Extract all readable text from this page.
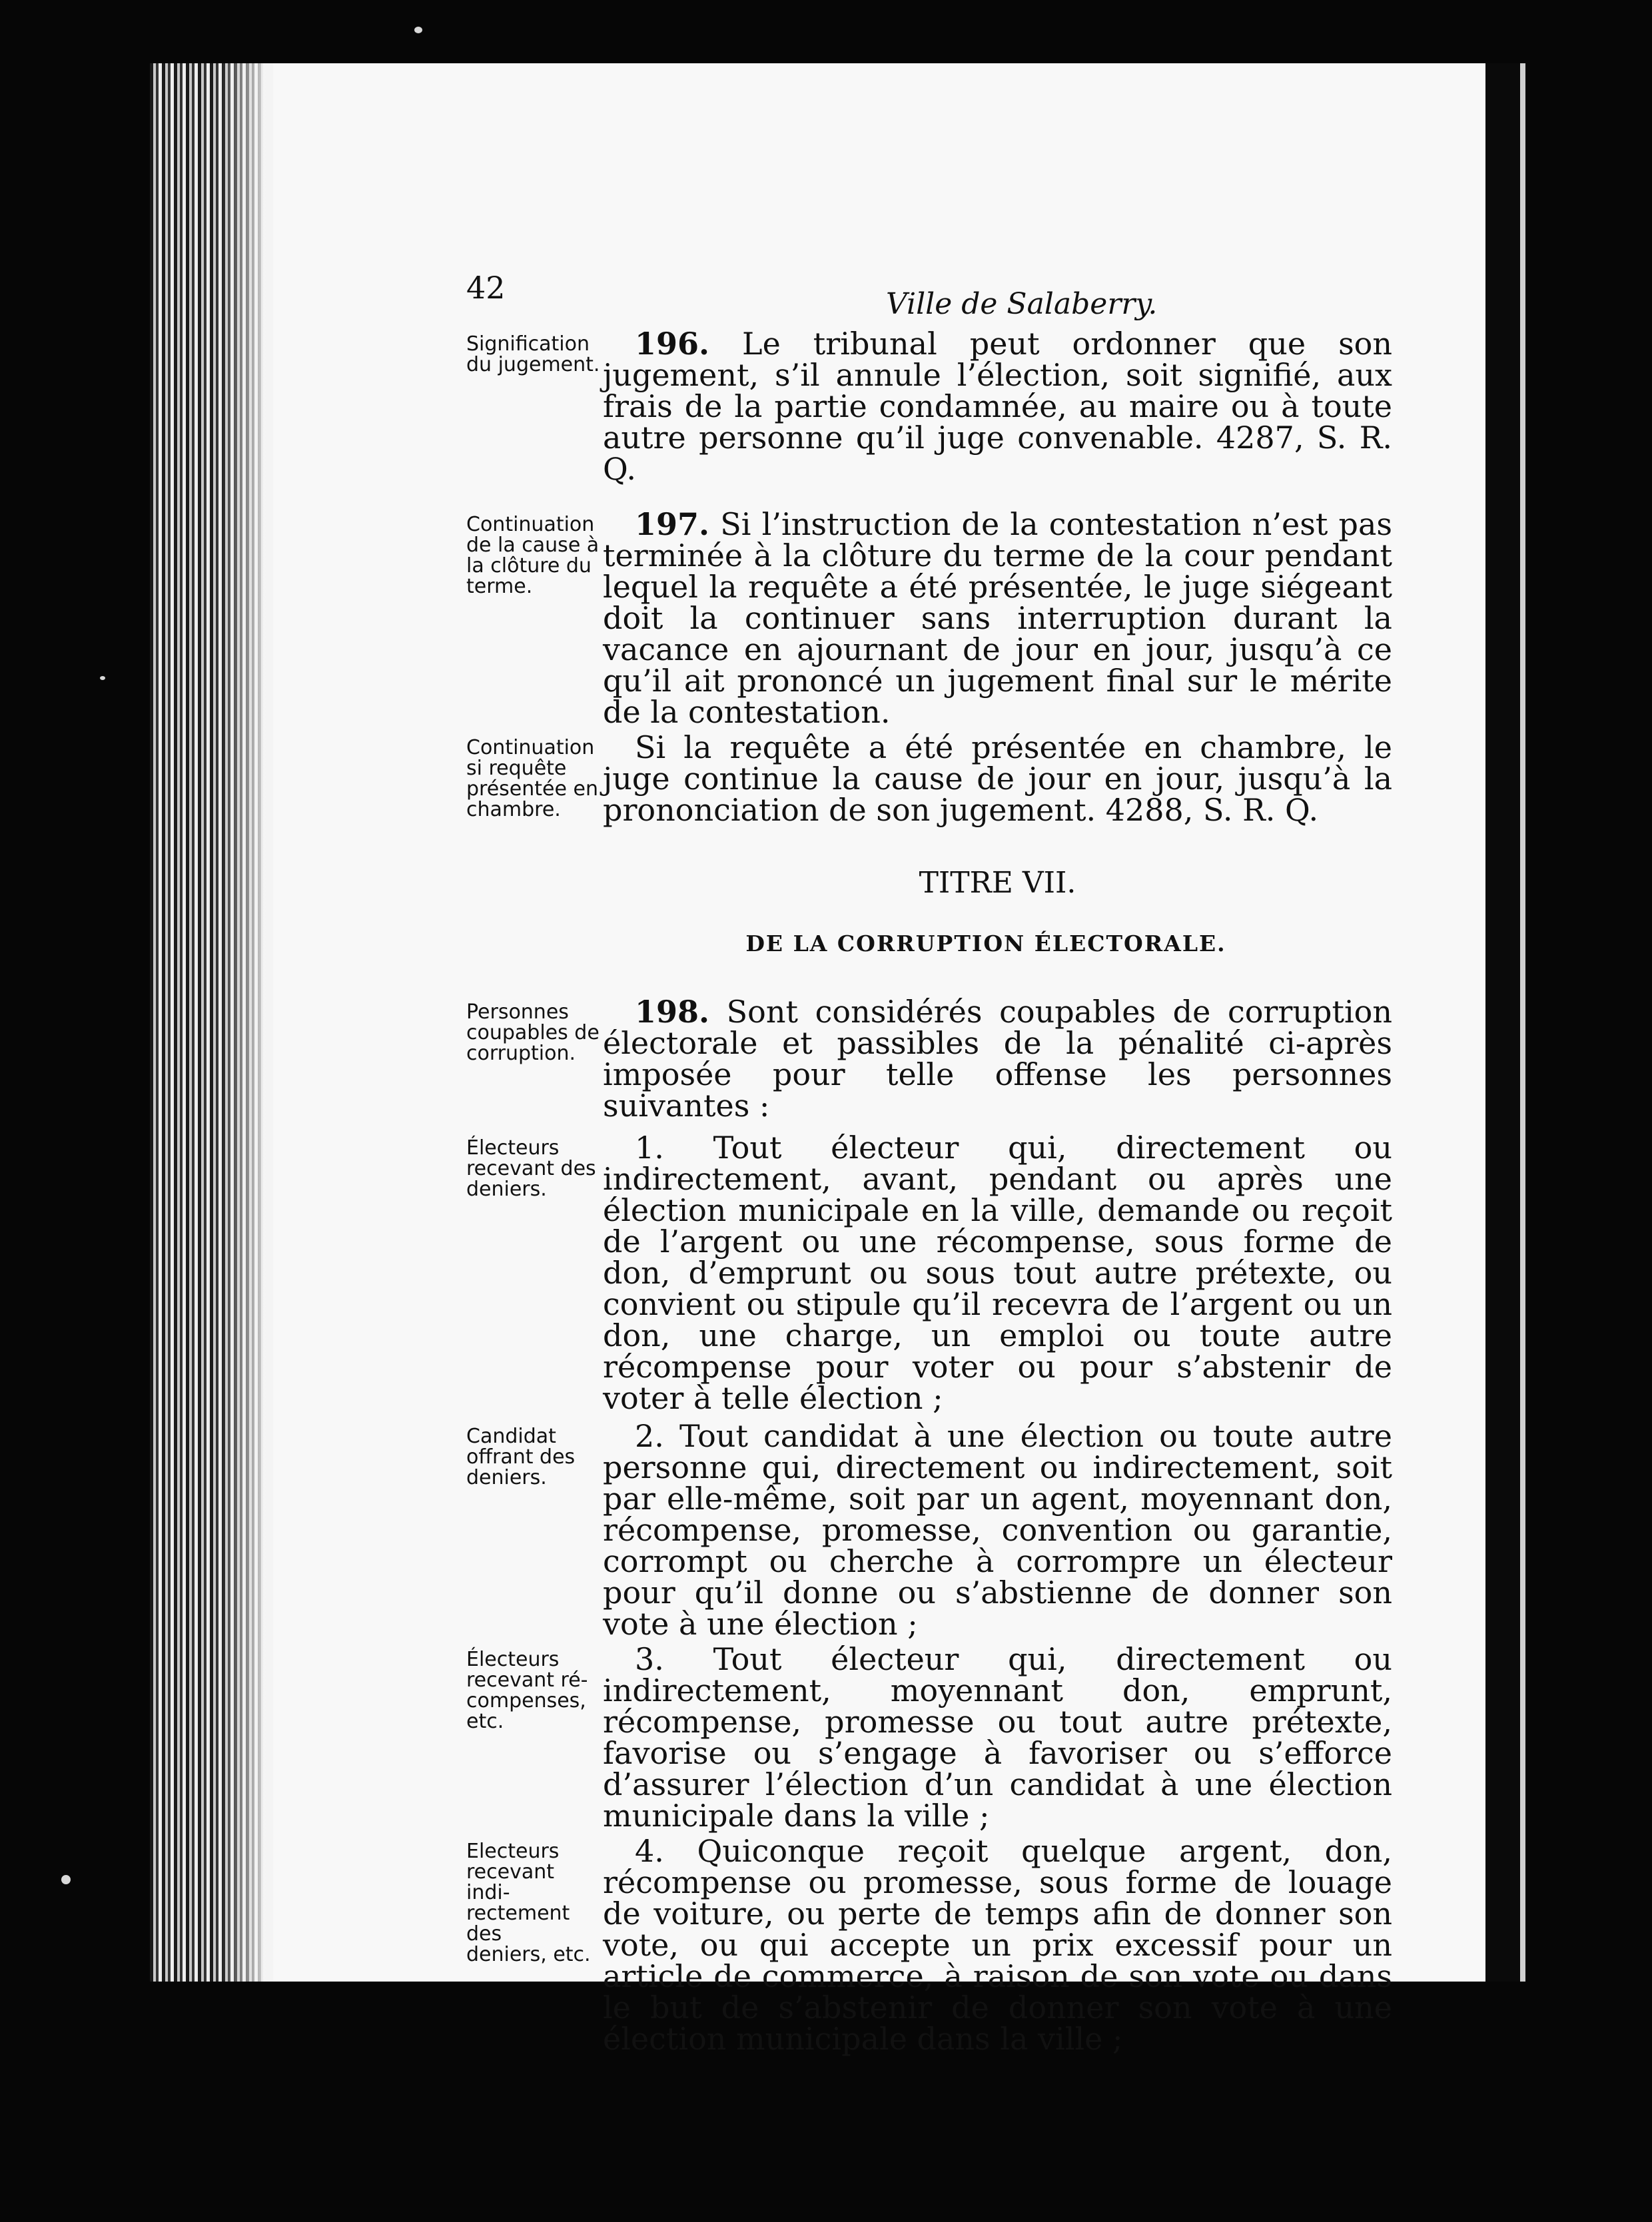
42	Ville de Salaberry.
Signification
du jugement.
196. Le tribunal peut ordonner que son jugement, s’il annule l’élection, soit signifié, aux frais de la partie condamnée, au maire ou à toute autre personne qu’il juge convenable. 4287, S. R. Q.
Continuation
de la cause à
la clôture du
terme.
197. Si l’instruction de la contestation n’est pas terminée à la clôture du terme de la cour pendant lequel la requête a été présentée, le juge siégeant doit la continuer sans interruption durant la vacance en ajournant de jour en jour, jusqu’à ce qu’il ait prononcé un jugement final sur le mérite de la contestation.
Continuation
si requête
présentée en
chambre.
Si la requête a été présentée en chambre, le juge continue la cause de jour en jour, jusqu’à la prononciation de son jugement. 4288, S. R. Q.
TITRE VII.
DE LA CORRUPTION ÉLECTORALE.
Personnes
coupables de
corruption.
198. Sont considérés coupables de corruption électorale et passibles de la pénalité ci-après imposée pour telle offense les personnes suivantes :
Électeurs
recevant des
deniers.
1. Tout électeur qui, directement ou indirectement, avant, pendant ou après une élection municipale en la ville, demande ou reçoit de l’argent ou une récompense, sous forme de don, d’emprunt ou sous tout autre prétexte, ou convient ou stipule qu’il recevra de l’argent ou un don, une charge, un emploi ou toute autre récompense pour voter ou pour s’abstenir de voter à telle élection ;
Candidat
offrant des
deniers.
2. Tout candidat à une élection ou toute autre personne qui, directement ou indirectement, soit par elle-même, soit par un agent, moyennant don, récompense, promesse, convention ou garantie, corrompt ou cherche à corrompre un électeur pour qu’il donne ou s’abstienne de donner son vote à une élection ;
Électeurs
recevant ré-
compenses,
etc.
3. Tout électeur qui, directement ou indirectement, moyennant don, emprunt, récompense, promesse ou tout autre prétexte, favorise ou s’engage à favoriser ou s’efforce d’assurer l’élection d’un candidat à une élection municipale dans la ville ;
Electeurs
recevant indi-
rectement des
deniers, etc.
4. Quiconque reçoit quelque argent, don, récompense ou promesse, sous forme de louage de voiture, ou perte de temps afin de donner son vote, ou qui accepte un prix excessif pour un article de commerce, à raison de son vote ou dans le but de s’abstenir de donner son vote à une élection municipale dans la ville ;
